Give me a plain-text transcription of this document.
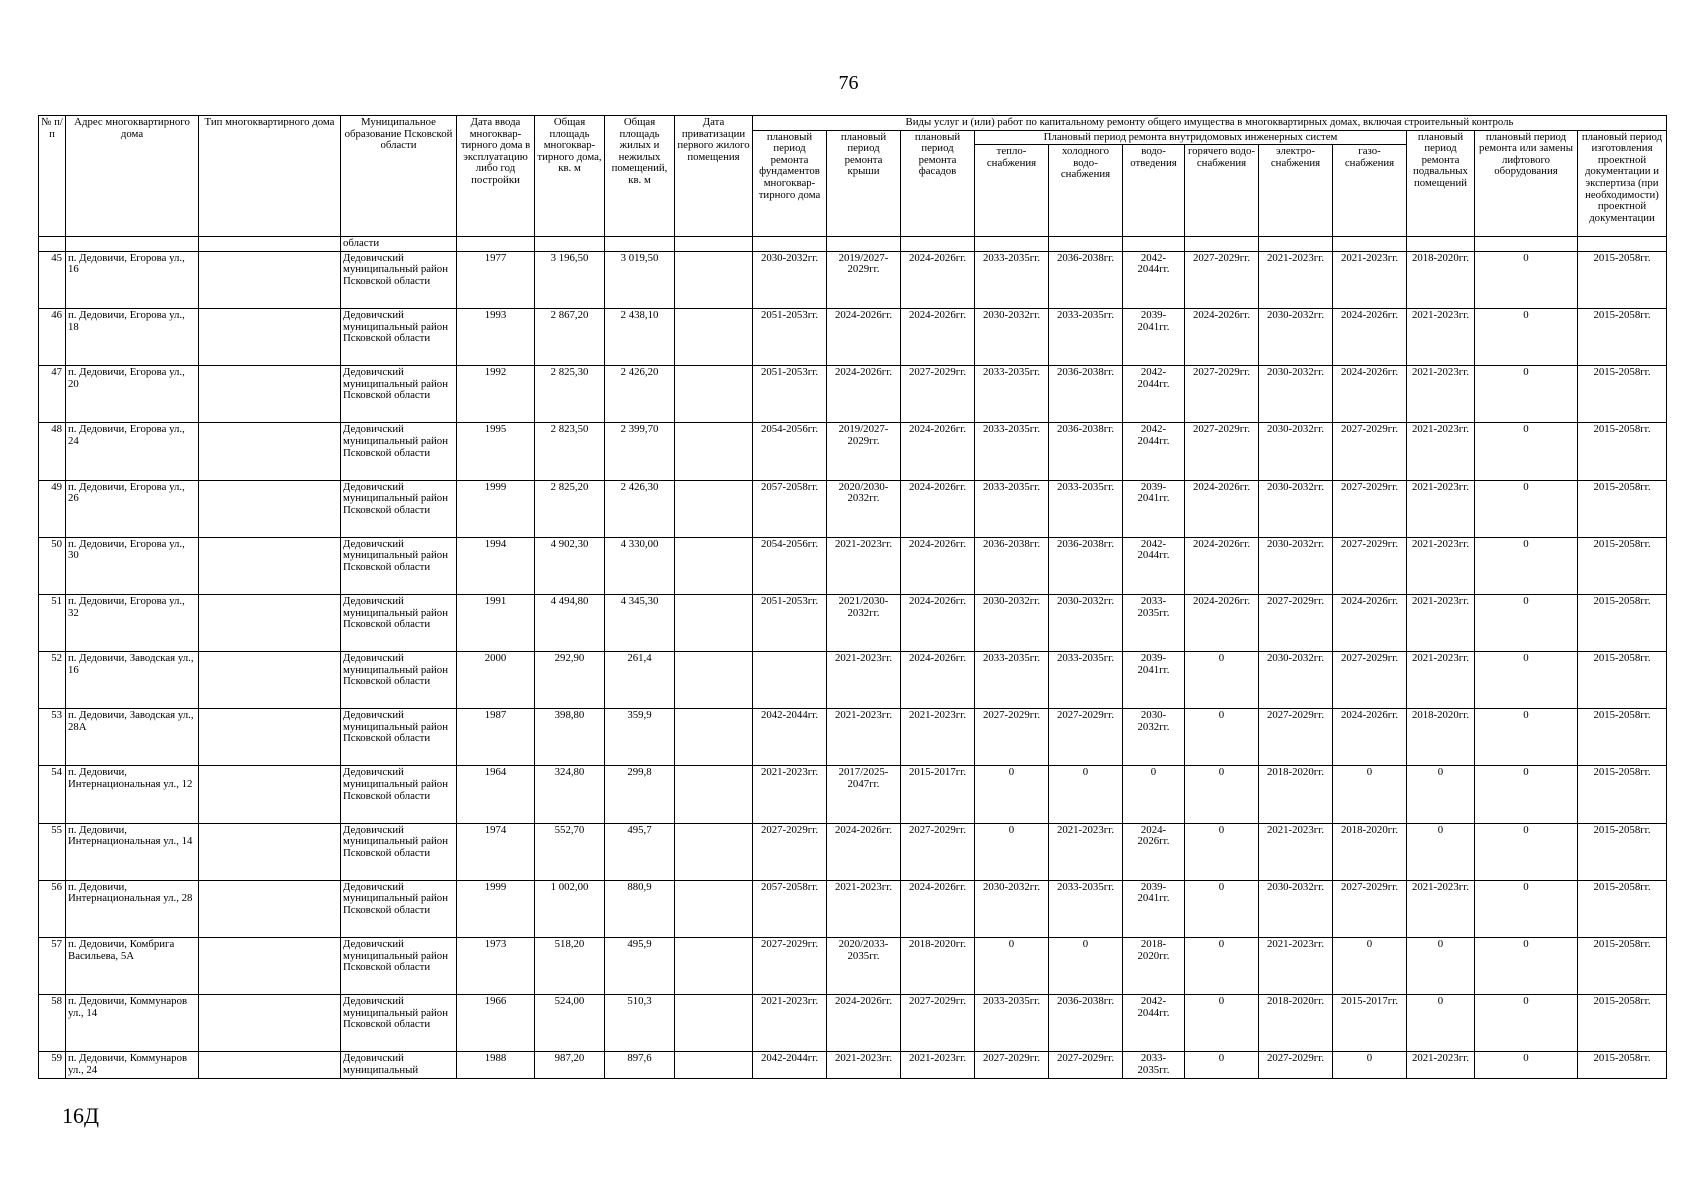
76
№ п/п	Адрес многоквартирного дома	Тип многоквартирного дома	Муниципальное образование Псковской области	Дата ввода многоквар-тирного дома в эксплуатацию либо год постройки	Общая площадь многоквар-тирного дома, кв. м	Общая площадь жилых и нежилых помещений, кв. м	Дата приватизации первого жилого помещения	Виды услуг и (или) работ по капитальному ремонту общего имущества в многоквартирных домах, включая строительный контроль											
								плановый период ремонта фундаментов многоквар-тирного дома	плановый период ремонта крыши	плановый период ремонта фасадов	Плановый период ремонта внутридомовых инженерных систем						плановый период ремонта подвальных помещений	плановый период ремонта или замены лифтового оборудования	плановый период изготовления проектной документации и экспертиза (при необходимости) проектной документации
											тепло-снабжения	холодного водо-снабжения	водо-отведения	горячего водо-снабжения	электро-снабжения	газо-снабжения			
			области																
45	п. Дедовичи, Егорова ул., 16		Дедовичский муниципальный район Псковской области	1977	3 196,50	3 019,50		2030-2032гг.	2019/2027-2029гг.	2024-2026гг.	2033-2035гг.	2036-2038гг.	2042-2044гг.	2027-2029гг.	2021-2023гг.	2021-2023гг.	2018-2020гг.	0	2015-2058гг.
46	п. Дедовичи, Егорова ул., 18		Дедовичский муниципальный район Псковской области	1993	2 867,20	2 438,10		2051-2053гг.	2024-2026гг.	2024-2026гг.	2030-2032гг.	2033-2035гг.	2039-2041гг.	2024-2026гг.	2030-2032гг.	2024-2026гг.	2021-2023гг.	0	2015-2058гг.
47	п. Дедовичи, Егорова ул., 20		Дедовичский муниципальный район Псковской области	1992	2 825,30	2 426,20		2051-2053гг.	2024-2026гг.	2027-2029гг.	2033-2035гг.	2036-2038гг.	2042-2044гг.	2027-2029гг.	2030-2032гг.	2024-2026гг.	2021-2023гг.	0	2015-2058гг.
48	п. Дедовичи, Егорова ул., 24		Дедовичский муниципальный район Псковской области	1995	2 823,50	2 399,70		2054-2056гг.	2019/2027-2029гг.	2024-2026гг.	2033-2035гг.	2036-2038гг.	2042-2044гг.	2027-2029гг.	2030-2032гг.	2027-2029гг.	2021-2023гг.	0	2015-2058гг.
49	п. Дедовичи, Егорова ул., 26		Дедовичский муниципальный район Псковской области	1999	2 825,20	2 426,30		2057-2058гг.	2020/2030-2032гг.	2024-2026гг.	2033-2035гг.	2033-2035гг.	2039-2041гг.	2024-2026гг.	2030-2032гг.	2027-2029гг.	2021-2023гг.	0	2015-2058гг.
50	п. Дедовичи, Егорова ул., 30		Дедовичский муниципальный район Псковской области	1994	4 902,30	4 330,00		2054-2056гг.	2021-2023гг.	2024-2026гг.	2036-2038гг.	2036-2038гг.	2042-2044гг.	2024-2026гг.	2030-2032гг.	2027-2029гг.	2021-2023гг.	0	2015-2058гг.
51	п. Дедовичи, Егорова ул., 32		Дедовичский муниципальный район Псковской области	1991	4 494,80	4 345,30		2051-2053гг.	2021/2030-2032гг.	2024-2026гг.	2030-2032гг.	2030-2032гг.	2033-2035гг.	2024-2026гг.	2027-2029гг.	2024-2026гг.	2021-2023гг.	0	2015-2058гг.
52	п. Дедовичи, Заводская ул., 16		Дедовичский муниципальный район Псковской области	2000	292,90	261,4			2021-2023гг.	2024-2026гг.	2033-2035гг.	2033-2035гг.	2039-2041гг.	0	2030-2032гг.	2027-2029гг.	2021-2023гг.	0	2015-2058гг.
53	п. Дедовичи, Заводская ул., 28А		Дедовичский муниципальный район Псковской области	1987	398,80	359,9		2042-2044гг.	2021-2023гг.	2021-2023гг.	2027-2029гг.	2027-2029гг.	2030-2032гг.	0	2027-2029гг.	2024-2026гг.	2018-2020гг.	0	2015-2058гг.
54	п. Дедовичи, Интернациональная ул., 12		Дедовичский муниципальный район Псковской области	1964	324,80	299,8		2021-2023гг.	2017/2025-2047гг.	2015-2017гг.	0	0	0	0	2018-2020гг.	0	0	0	2015-2058гг.
55	п. Дедовичи, Интернациональная ул., 14		Дедовичский муниципальный район Псковской области	1974	552,70	495,7		2027-2029гг.	2024-2026гг.	2027-2029гг.	0	2021-2023гг.	2024-2026гг.	0	2021-2023гг.	2018-2020гг.	0	0	2015-2058гг.
56	п. Дедовичи, Интернациональная ул., 28		Дедовичский муниципальный район Псковской области	1999	1 002,00	880,9		2057-2058гг.	2021-2023гг.	2024-2026гг.	2030-2032гг.	2033-2035гг.	2039-2041гг.	0	2030-2032гг.	2027-2029гг.	2021-2023гг.	0	2015-2058гг.
57	п. Дедовичи, Комбрига Васильева, 5А		Дедовичский муниципальный район Псковской области	1973	518,20	495,9		2027-2029гг.	2020/2033-2035гг.	2018-2020гг.	0	0	2018-2020гг.	0	2021-2023гг.	0	0	0	2015-2058гг.
58	п. Дедовичи, Коммунаров ул., 14		Дедовичский муниципальный район Псковской области	1966	524,00	510,3		2021-2023гг.	2024-2026гг.	2027-2029гг.	2033-2035гг.	2036-2038гг.	2042-2044гг.	0	2018-2020гг.	2015-2017гг.	0	0	2015-2058гг.
59	п. Дедовичи, Коммунаров ул., 24		Дедовичский муниципальный	1988	987,20	897,6		2042-2044гг.	2021-2023гг.	2021-2023гг.	2027-2029гг.	2027-2029гг.	2033-2035гг.	0	2027-2029гг.	0	2021-2023гг.	0	2015-2058гг.
16Д
